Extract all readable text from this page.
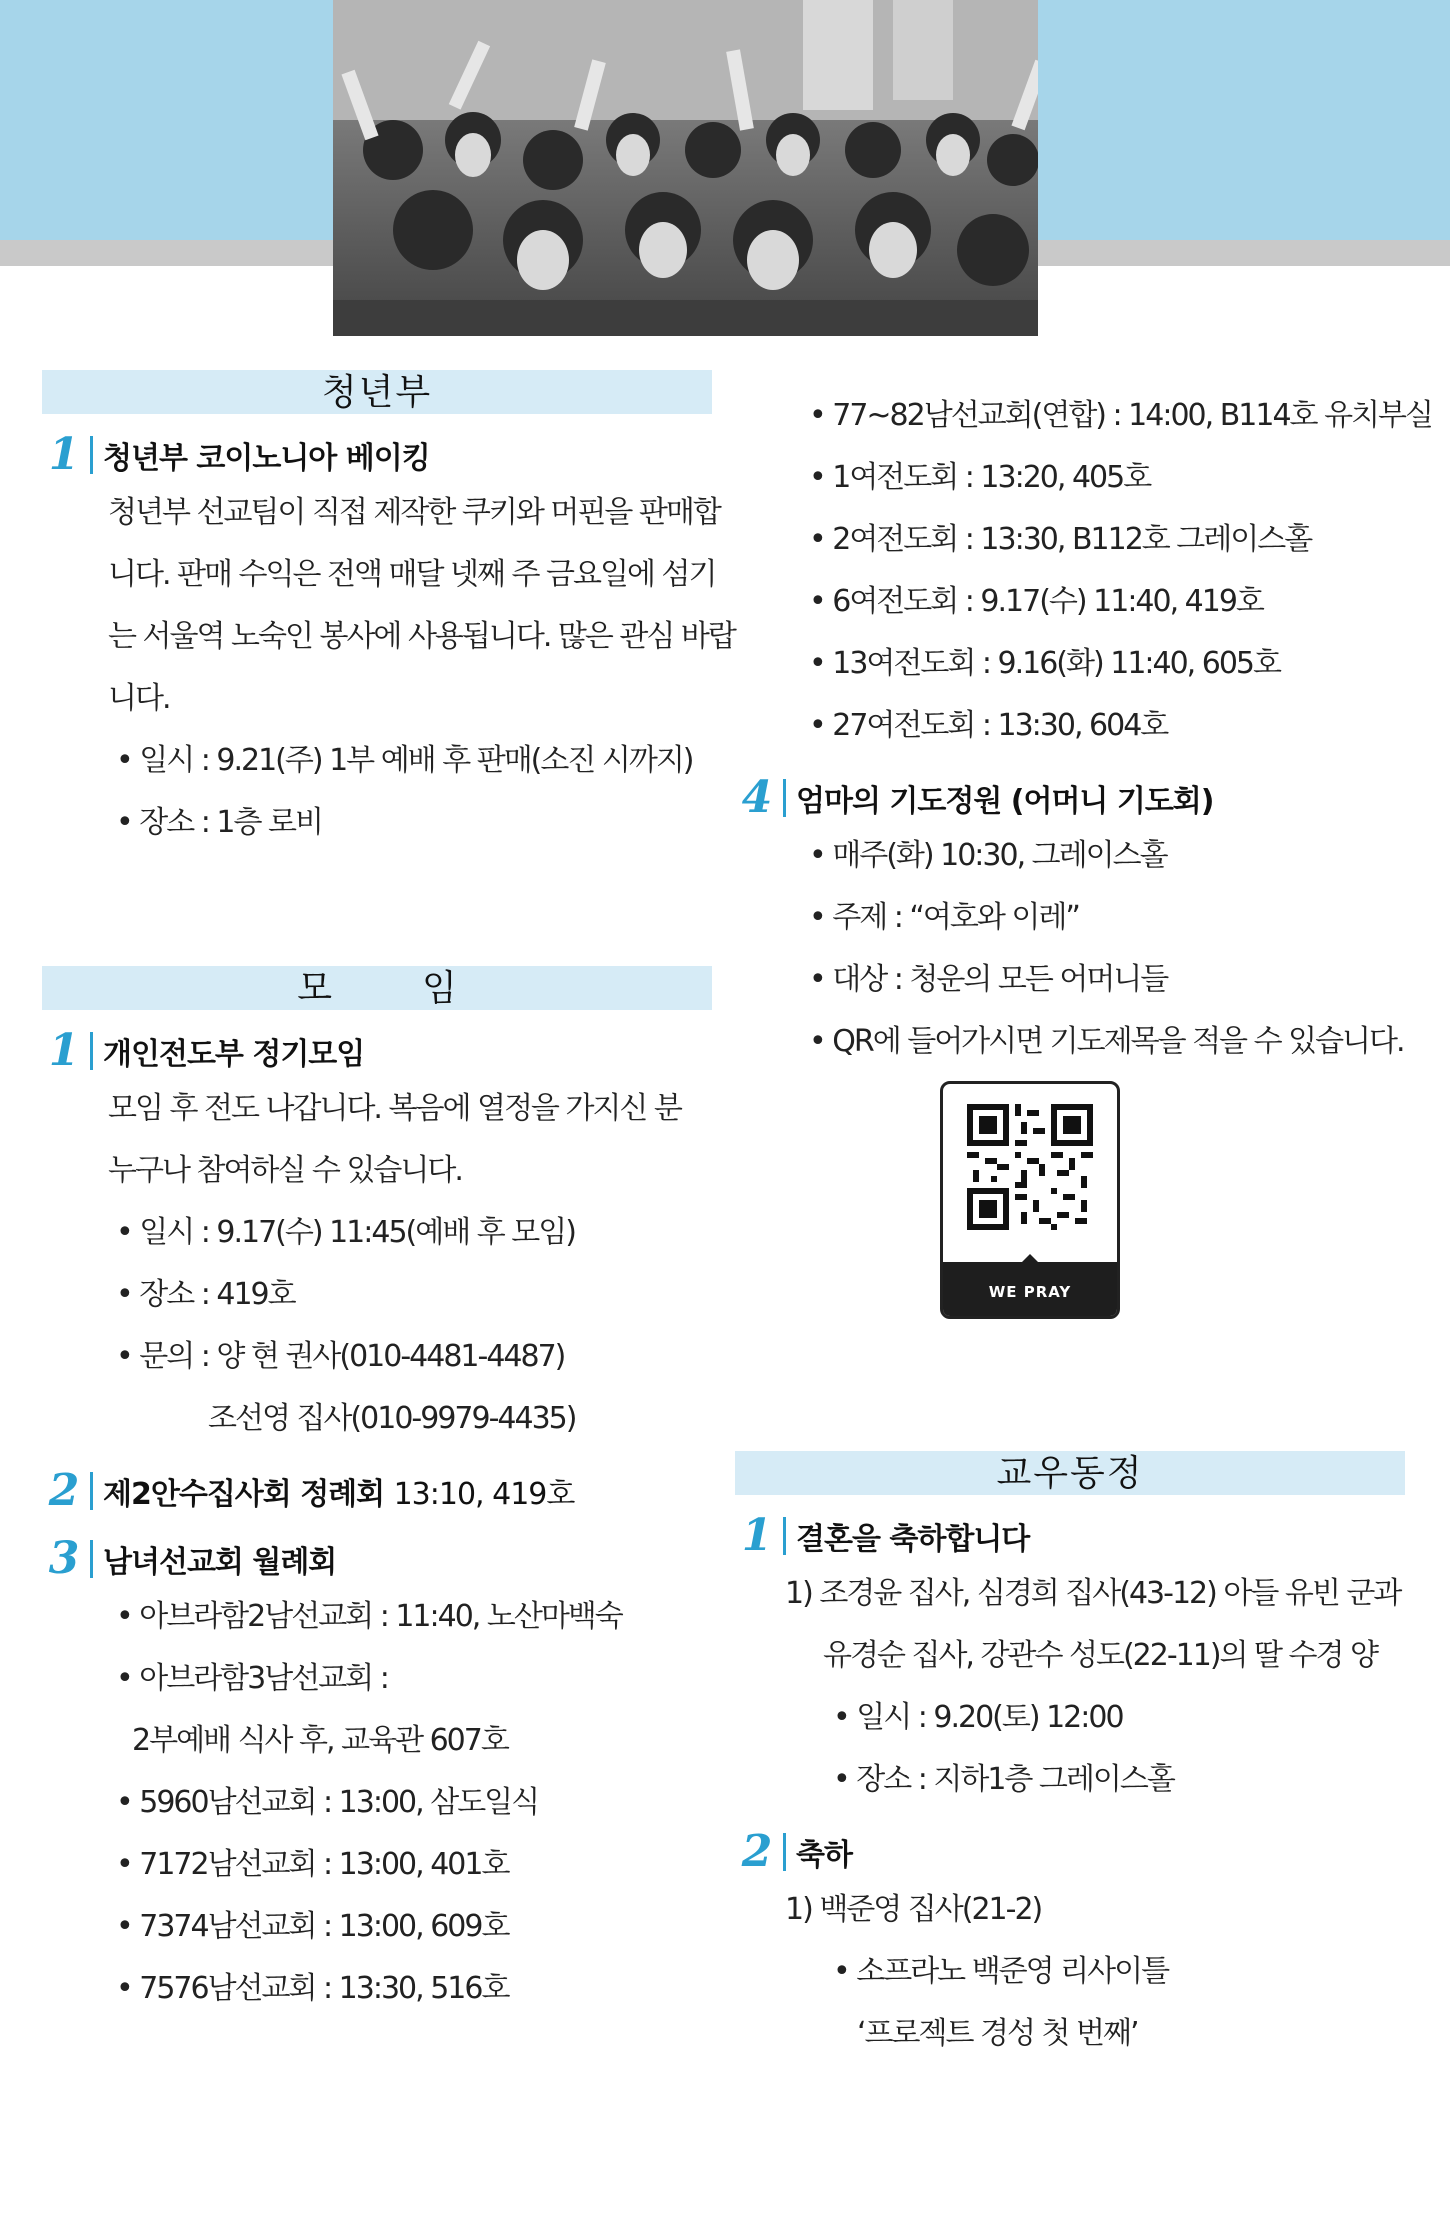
청년부
1 청년부 코이노니아 베이킹
청년부 선교팀이 직접 제작한 쿠키와 머핀을 판매합
니다. 판매 수익은 전액 매달 넷째 주 금요일에 섬기
는 서울역 노숙인 봉사에 사용됩니다. 많은 관심 바랍
니다.
• 일시 : 9.21(주) 1부 예배 후 판매(소진 시까지)
• 장소 : 1층 로비
모임
1 개인전도부 정기모임
모임 후 전도 나갑니다. 복음에 열정을 가지신 분
누구나 참여하실 수 있습니다.
• 일시 : 9.17(수) 11:45(예배 후 모임)
• 장소 : 419호
• 문의 : 양 현 권사(010-4481-4487)
조선영 집사(010-9979-4435)
2 제2안수집사회 정례회 13:10, 419호
3 남녀선교회 월례회
• 아브라함2남선교회 : 11:40, 노산마백숙
• 아브라함3남선교회 :
2부예배 식사 후, 교육관 607호
• 5960남선교회 : 13:00, 삼도일식
• 7172남선교회 : 13:00, 401호
• 7374남선교회 : 13:00, 609호
• 7576남선교회 : 13:30, 516호
• 77~82남선교회(연합) : 14:00, B114호 유치부실
• 1여전도회 : 13:20, 405호
• 2여전도회 : 13:30, B112호 그레이스홀
• 6여전도회 : 9.17(수) 11:40, 419호
• 13여전도회 : 9.16(화) 11:40, 605호
• 27여전도회 : 13:30, 604호
4 엄마의 기도정원 (어머니 기도회)
• 매주(화) 10:30, 그레이스홀
• 주제 : “여호와 이레”
• 대상 : 청운의 모든 어머니들
• QR에 들어가시면 기도제목을 적을 수 있습니다.
WE PRAY
교우동정
1 결혼을 축하합니다
1) 조경윤 집사, 심경희 집사(43-12) 아들 유빈 군과
유경순 집사, 강관수 성도(22-11)의 딸 수경 양
• 일시 : 9.20(토) 12:00
• 장소 : 지하1층 그레이스홀
2 축하
1) 백준영 집사(21-2)
• 소프라노 백준영 리사이틀
‘프로젝트 경성 첫 번째’
